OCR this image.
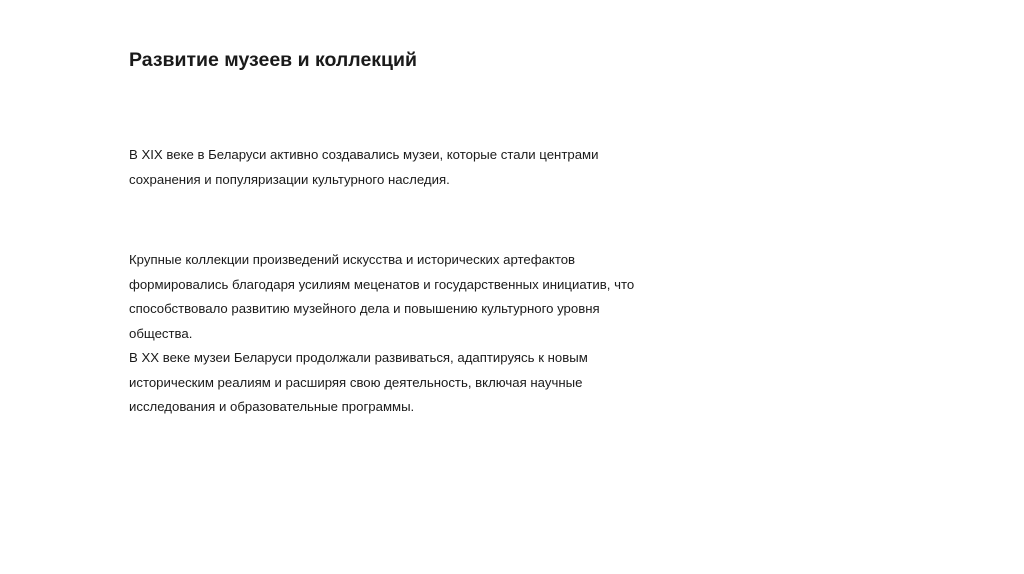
Развитие музеев и коллекций

В XIX веке в Беларуси активно создавались музеи, которые стали центрами
сохранения и популяризации культурного наследия.

Крупные коллекции произведений искусства и исторических артефактов
формировались благодаря усилиям меценатов и государственных инициатив, что
способствовало развитию музейного дела и повышению культурного уровня
общества.

В XX веке музеи Беларуси продолжали развиваться, адаптируясь к новым
историческим реалиям и расширяя свою деятельность, включая научные
исследования и образовательные программы.
